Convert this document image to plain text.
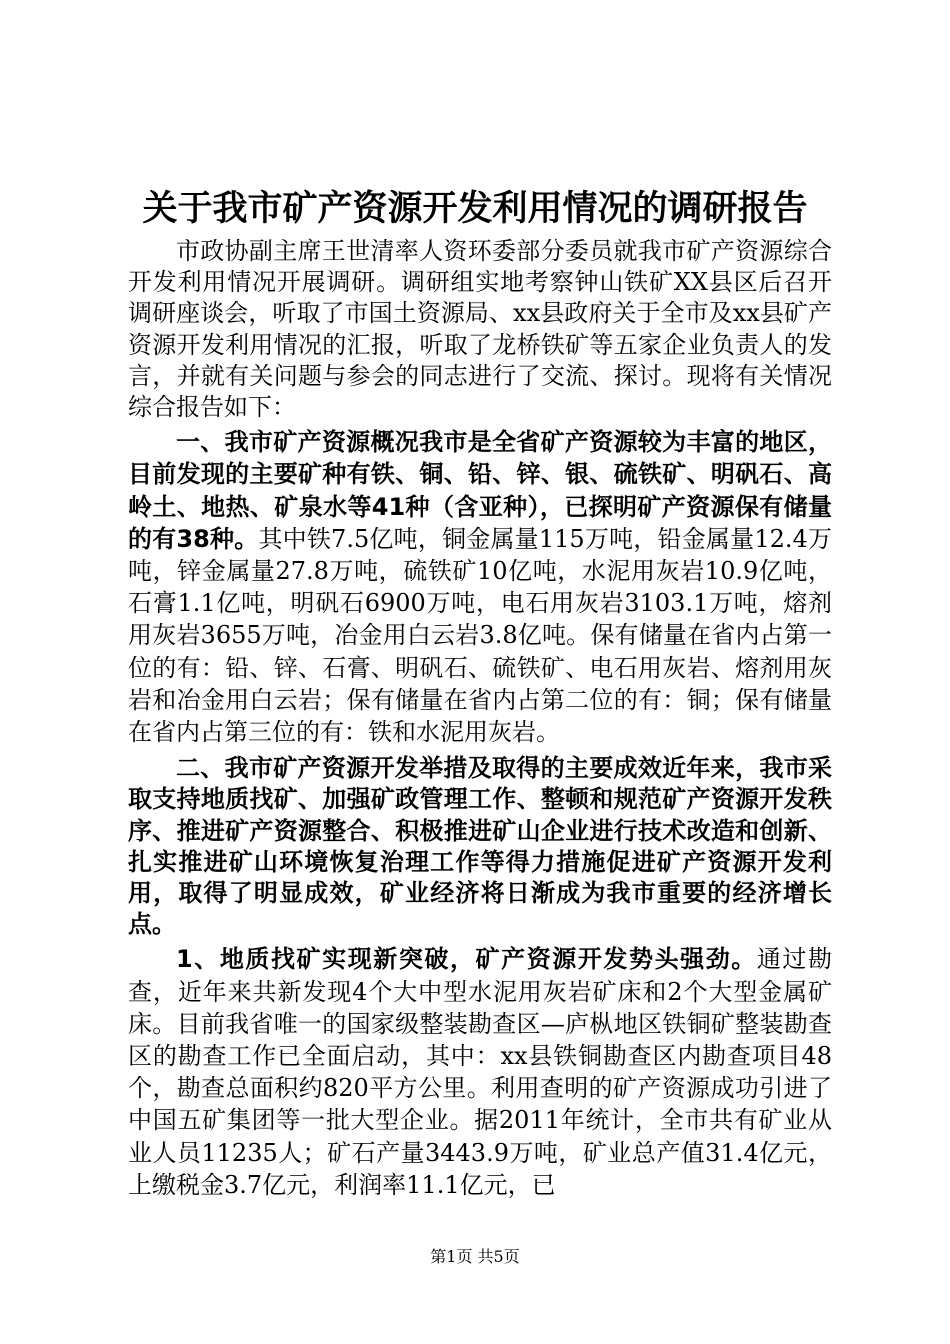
关于我市矿产资源开发利用情况的调研报告

市政协副主席王世清率人资环委部分委员就我市矿产资源综合开发利用情况开展调研。调研组实地考察钟山铁矿XX县区后召开调研座谈会，听取了市国土资源局、xx县政府关于全市及xx县矿产资源开发利用情况的汇报，听取了龙桥铁矿等五家企业负责人的发言，并就有关问题与参会的同志进行了交流、探讨。现将有关情况综合报告如下：

一、我市矿产资源概况我市是全省矿产资源较为丰富的地区，目前发现的主要矿种有铁、铜、铅、锌、银、硫铁矿、明矾石、高岭土、地热、矿泉水等41种（含亚种），已探明矿产资源保有储量的有38种。其中铁7.5亿吨，铜金属量115万吨，铅金属量12.4万吨，锌金属量27.8万吨，硫铁矿10亿吨，水泥用灰岩10.9亿吨，石膏1.1亿吨，明矾石6900万吨，电石用灰岩3103.1万吨，熔剂用灰岩3655万吨，冶金用白云岩3.8亿吨。保有储量在省内占第一位的有：铅、锌、石膏、明矾石、硫铁矿、电石用灰岩、熔剂用灰岩和冶金用白云岩；保有储量在省内占第二位的有：铜；保有储量在省内占第三位的有：铁和水泥用灰岩。

二、我市矿产资源开发举措及取得的主要成效近年来，我市采取支持地质找矿、加强矿政管理工作、整顿和规范矿产资源开发秩序、推进矿产资源整合、积极推进矿山企业进行技术改造和创新、扎实推进矿山环境恢复治理工作等得力措施促进矿产资源开发利用，取得了明显成效，矿业经济将日渐成为我市重要的经济增长点。

1、地质找矿实现新突破，矿产资源开发势头强劲。通过勘查，近年来共新发现4个大中型水泥用灰岩矿床和2个大型金属矿床。目前我省唯一的国家级整装勘查区—庐枞地区铁铜矿整装勘查区的勘查工作已全面启动，其中：xx县铁铜勘查区内勘查项目48个，勘查总面积约820平方公里。利用查明的矿产资源成功引进了中国五矿集团等一批大型企业。据2011年统计，全市共有矿业从业人员11235人；矿石产量3443.9万吨，矿业总产值31.4亿元，上缴税金3.7亿元，利润率11.1亿元，已

第1页 共5页
